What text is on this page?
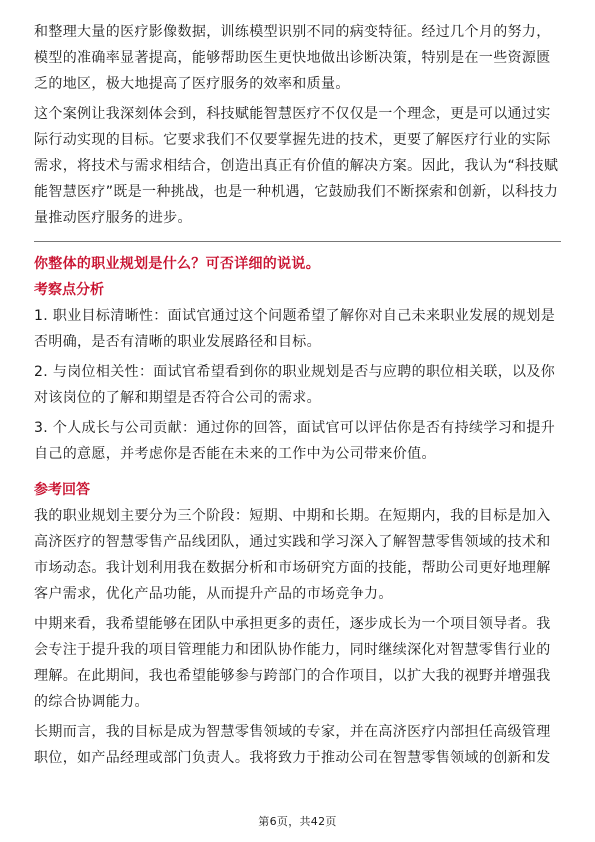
和整理大量的医疗影像数据，训练模型识别不同的病变特征。经过几个月的努力，模型的准确率显著提高，能够帮助医生更快地做出诊断决策，特别是在一些资源匮乏的地区，极大地提高了医疗服务的效率和质量。

这个案例让我深刻体会到，科技赋能智慧医疗不仅仅是一个理念，更是可以通过实际行动实现的目标。它要求我们不仅要掌握先进的技术，更要了解医疗行业的实际需求，将技术与需求相结合，创造出真正有价值的解决方案。因此，我认为“科技赋能智慧医疗”既是一种挑战，也是一种机遇，它鼓励我们不断探索和创新，以科技力量推动医疗服务的进步。

你整体的职业规划是什么？可否详细的说说。

考察点分析

1. 职业目标清晰性：面试官通过这个问题希望了解你对自己未来职业发展的规划是否明确，是否有清晰的职业发展路径和目标。

2. 与岗位相关性：面试官希望看到你的职业规划是否与应聘的职位相关联，以及你对该岗位的了解和期望是否符合公司的需求。

3. 个人成长与公司贡献：通过你的回答，面试官可以评估你是否有持续学习和提升自己的意愿，并考虑你是否能在未来的工作中为公司带来价值。

参考回答

我的职业规划主要分为三个阶段：短期、中期和长期。在短期内，我的目标是加入高济医疗的智慧零售产品线团队，通过实践和学习深入了解智慧零售领域的技术和市场动态。我计划利用我在数据分析和市场研究方面的技能，帮助公司更好地理解客户需求，优化产品功能，从而提升产品的市场竞争力。

中期来看，我希望能够在团队中承担更多的责任，逐步成长为一个项目领导者。我会专注于提升我的项目管理能力和团队协作能力，同时继续深化对智慧零售行业的理解。在此期间，我也希望能够参与跨部门的合作项目，以扩大我的视野并增强我的综合协调能力。

长期而言，我的目标是成为智慧零售领域的专家，并在高济医疗内部担任高级管理职位，如产品经理或部门负责人。我将致力于推动公司在智慧零售领域的创新和发

第6页，共42页
